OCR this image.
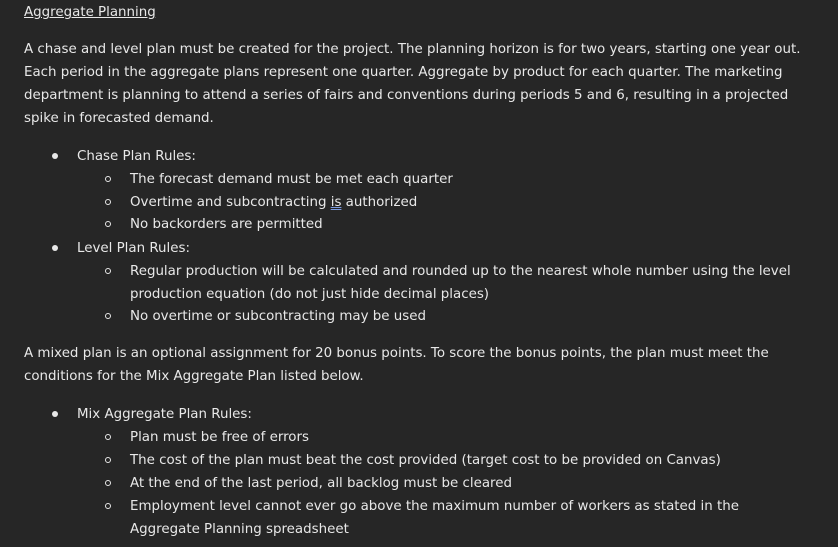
Aggregate Planning
A chase and level plan must be created for the project. The planning horizon is for two years, starting one year out. Each period in the aggregate plans represent one quarter. Aggregate by product for each quarter. The marketing department is planning to attend a series of fairs and conventions during periods 5 and 6, resulting in a projected spike in forecasted demand.
Chase Plan Rules:
The forecast demand must be met each quarter
Overtime and subcontracting is authorized
No backorders are permitted
Level Plan Rules:
Regular production will be calculated and rounded up to the nearest whole number using the level production equation (do not just hide decimal places)
No overtime or subcontracting may be used
A mixed plan is an optional assignment for 20 bonus points. To score the bonus points, the plan must meet the conditions for the Mix Aggregate Plan listed below.
Mix Aggregate Plan Rules:
Plan must be free of errors
The cost of the plan must beat the cost provided (target cost to be provided on Canvas)
At the end of the last period, all backlog must be cleared
Employment level cannot ever go above the maximum number of workers as stated in the Aggregate Planning spreadsheet
